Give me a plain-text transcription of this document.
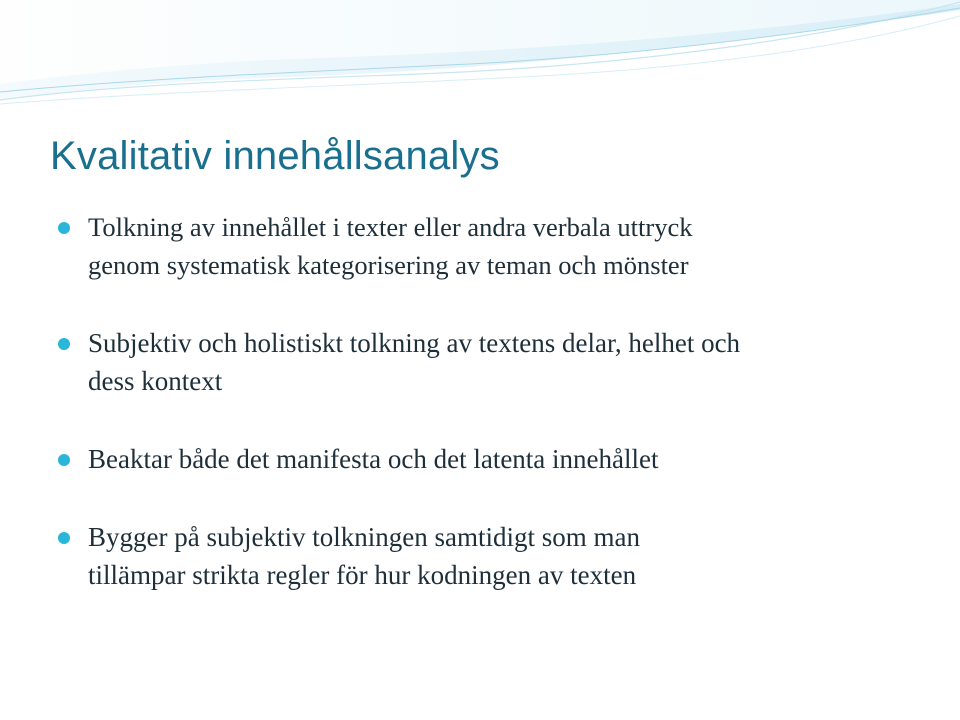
Kvalitativ innehållsanalys
Tolkning av innehållet i texter eller andra verbala uttryck
genom systematisk kategorisering av teman och mönster
Subjektiv och holistiskt tolkning av textens delar, helhet och
dess kontext
Beaktar både det manifesta och det latenta innehållet
Bygger på subjektiv tolkningen samtidigt som man
tillämpar strikta regler för hur kodningen av texten
